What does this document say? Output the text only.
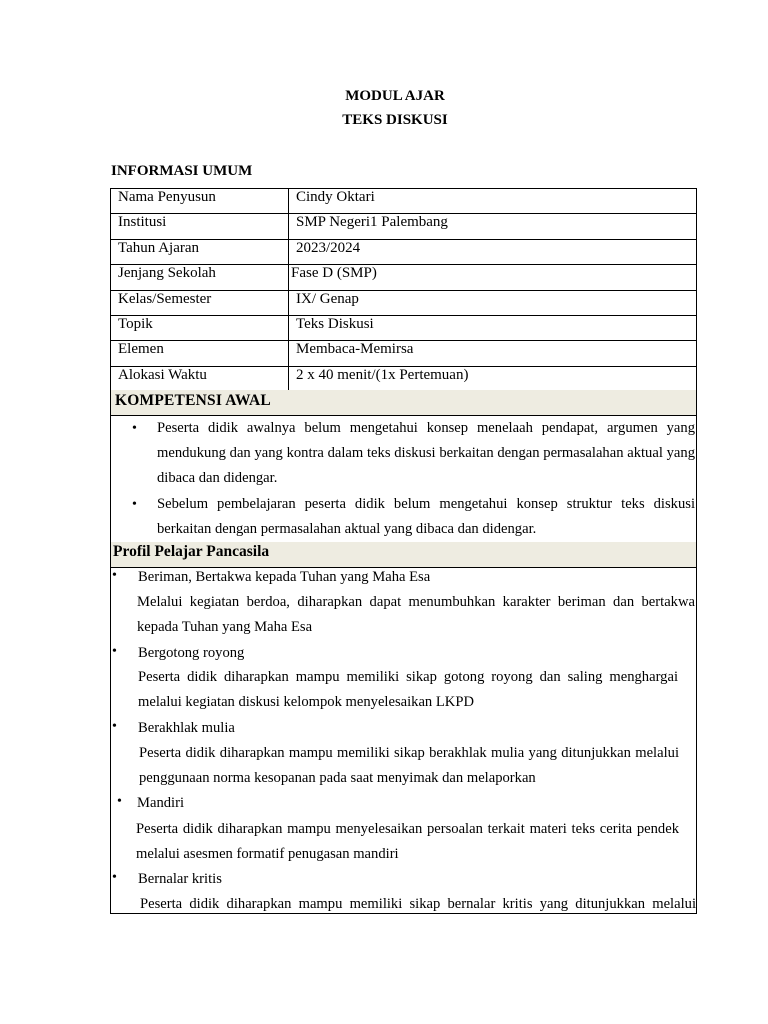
MODUL AJAR
TEKS DISKUSI
INFORMASI UMUM
Nama Penyusun	Cindy Oktari
Institusi	SMP Negeri1 Palembang
Tahun Ajaran	2023/2024
Jenjang Sekolah	Fase D (SMP)
Kelas/Semester	IX/ Genap
Topik	Teks Diskusi
Elemen	Membaca-Memirsa
Alokasi Waktu	2 x 40 menit/(1x Pertemuan)
KOMPETENSI AWAL
• Peserta didik awalnya belum mengetahui konsep menelaah pendapat, argumen yang mendukung dan yang kontra dalam teks diskusi berkaitan dengan permasalahan aktual yang dibaca dan didengar.
• Sebelum pembelajaran peserta didik belum mengetahui konsep struktur teks diskusi berkaitan dengan permasalahan aktual yang dibaca dan didengar.
Profil Pelajar Pancasila
• Beriman, Bertakwa kepada Tuhan yang Maha Esa
Melalui kegiatan berdoa, diharapkan dapat menumbuhkan karakter beriman dan bertakwa kepada Tuhan yang Maha Esa
• Bergotong royong
Peserta didik diharapkan mampu memiliki sikap gotong royong dan saling menghargai melalui kegiatan diskusi kelompok menyelesaikan LKPD
• Berakhlak mulia
Peserta didik diharapkan mampu memiliki sikap berakhlak mulia yang ditunjukkan melalui penggunaan norma kesopanan pada saat menyimak dan melaporkan
• Mandiri
Peserta didik diharapkan mampu menyelesaikan persoalan terkait materi teks cerita pendek melalui asesmen formatif penugasan mandiri
• Bernalar kritis
Peserta didik diharapkan mampu memiliki sikap bernalar kritis yang ditunjukkan melalui
